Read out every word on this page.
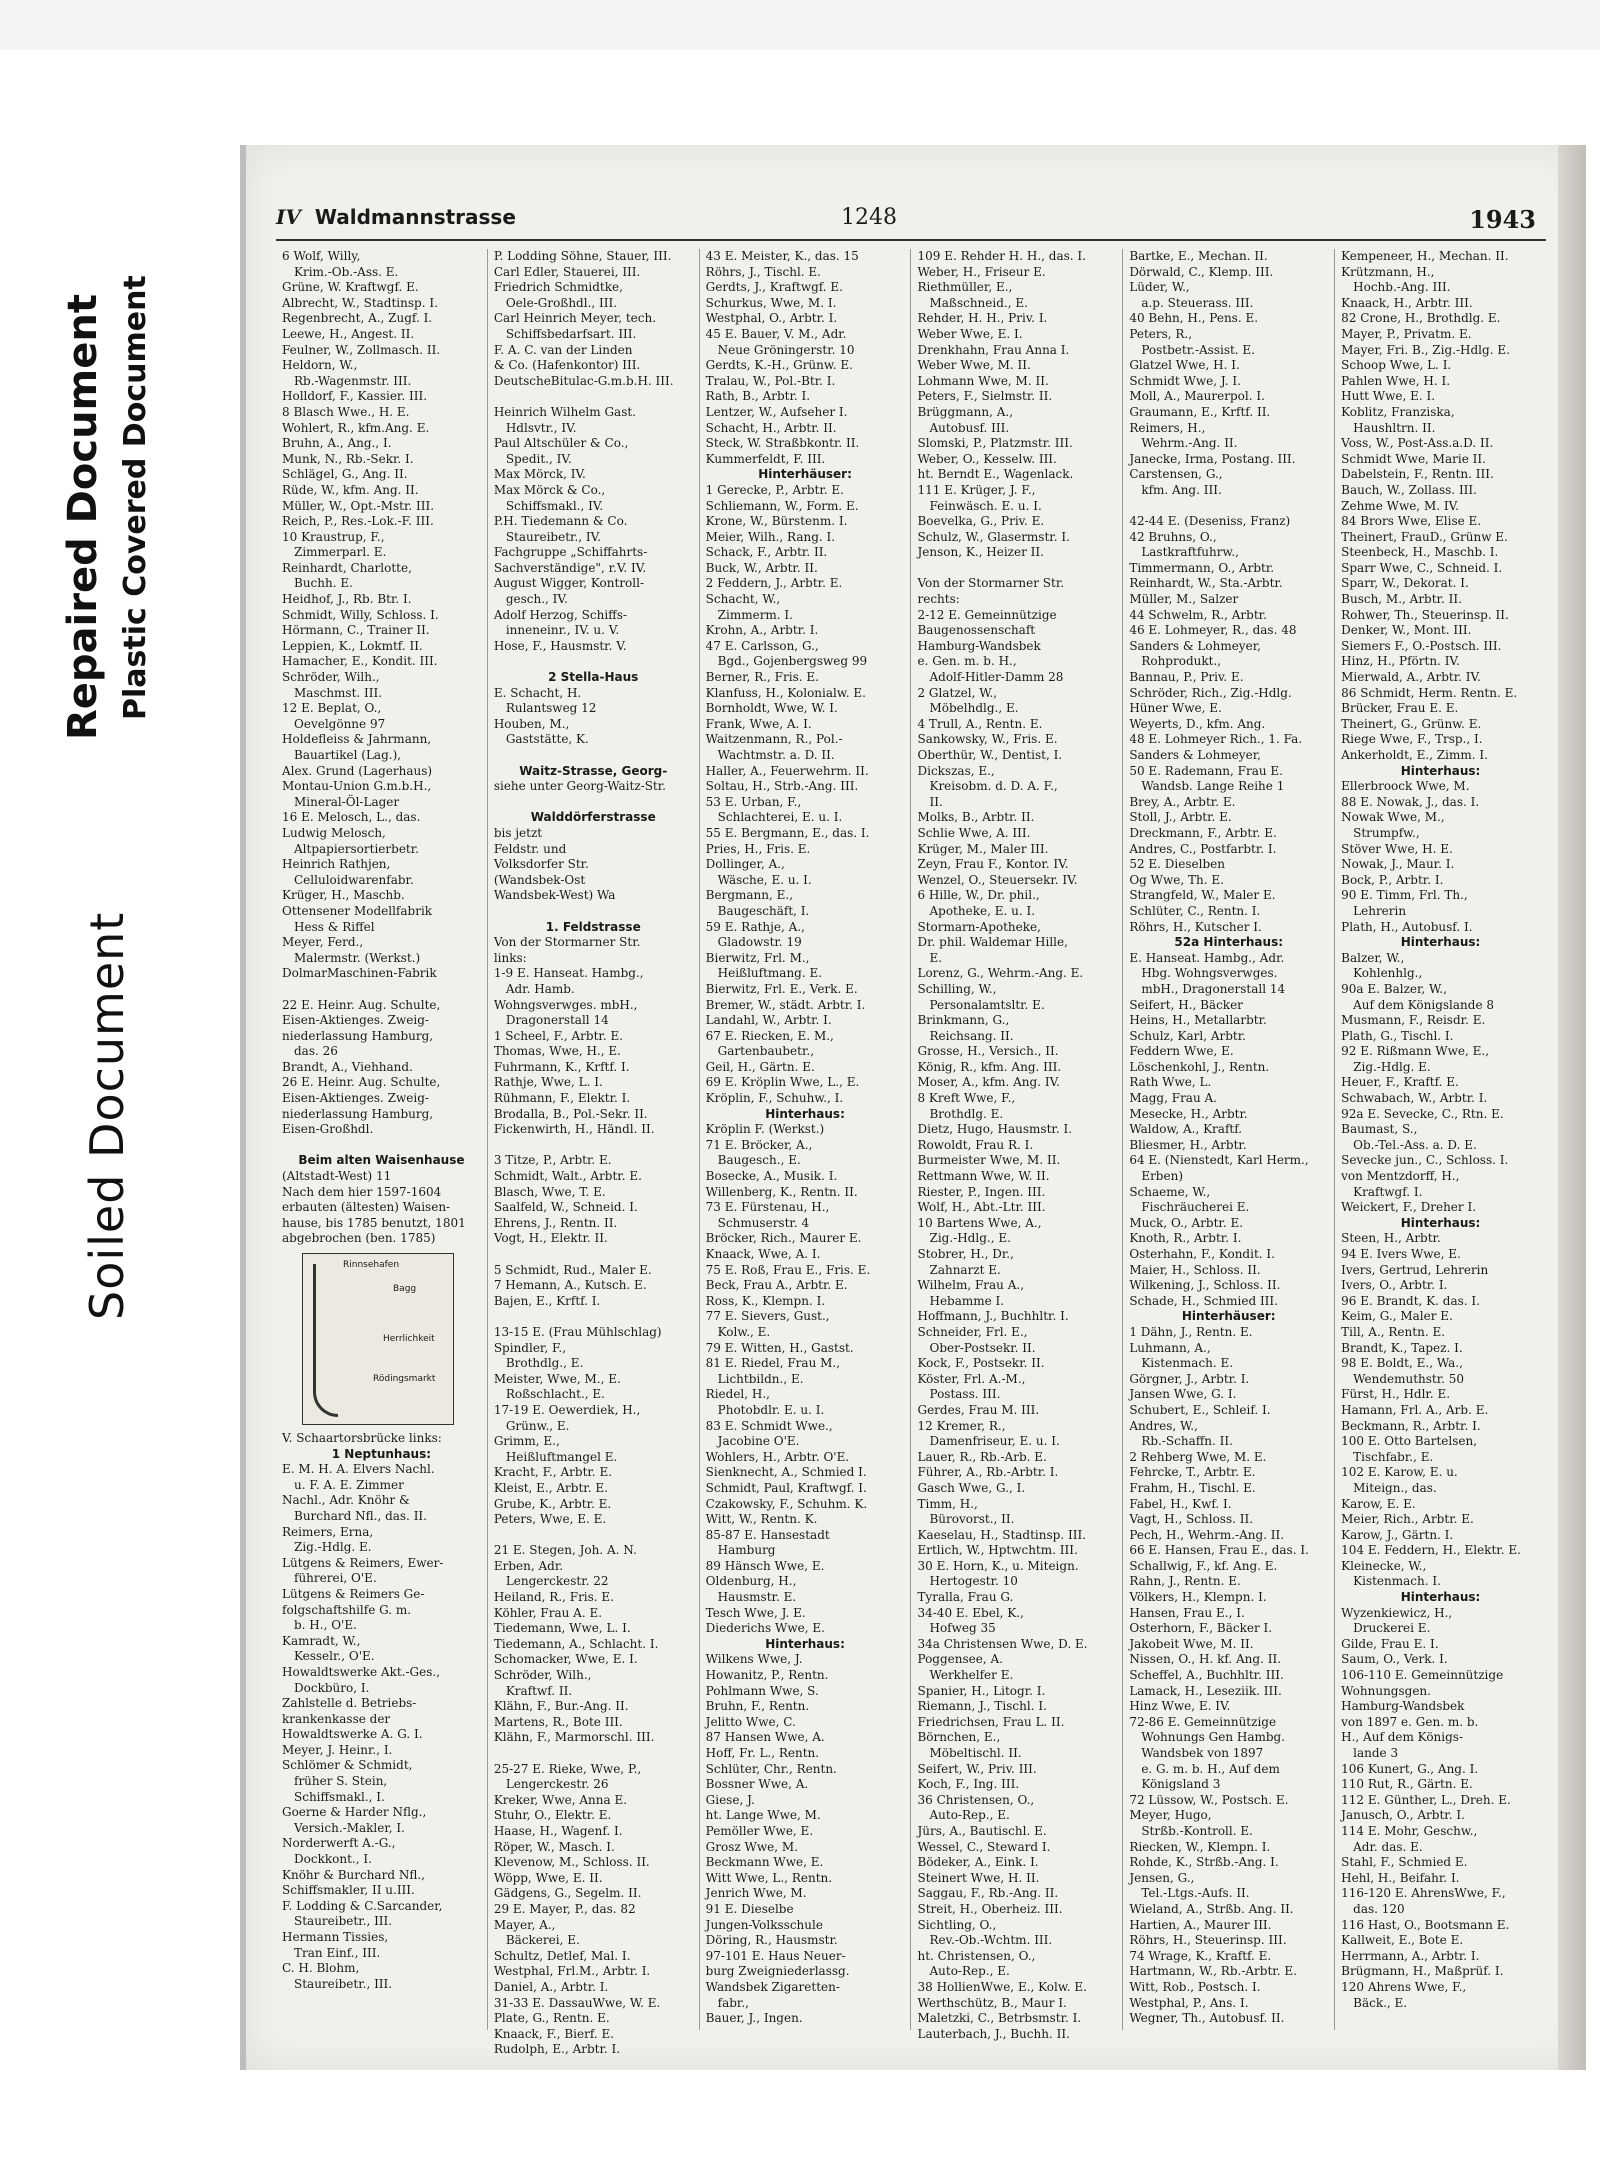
Repaired Document Plastic Covered Document
Soiled Document
IV Waldmannstrasse	1248	1943
6 Wolf, Willy,
Krim.-Ob.-Ass. E.
Grüne, W. Kraftwgf. E.
Albrecht, W., Stadtinsp. I.
Regenbrecht, A., Zugf. I.
Leewe, H., Angest. II.
Feulner, W., Zollmasch. II.
Heldorn, W.,
Rb.-Wagenmstr. III.
Holldorf, F., Kassier. III.
8 Blasch Wwe., H. E.
Wohlert, R., kfm.Ang. E.
Bruhn, A., Ang., I.
Munk, N., Rb.-Sekr. I.
Schlägel, G., Ang. II.
Rüde, W., kfm. Ang. II.
Müller, W., Opt.-Mstr. III.
Reich, P., Res.-Lok.-F. III.
10 Kraustrup, F.,
Zimmerparl. E.
Reinhardt, Charlotte,
Buchh. E.
Heidhof, J., Rb. Btr. I.
Schmidt, Willy, Schloss. I.
Hörmann, C., Trainer II.
Leppien, K., Lokmtf. II.
Hamacher, E., Kondit. III.
Schröder, Wilh.,
Maschmst. III.
12 E. Beplat, O.,
Oevelgönne 97
Holdefleiss & Jahrmann,
Bauartikel (Lag.),
Alex. Grund (Lagerhaus)
Montau-Union G.m.b.H.,
Mineral-Öl-Lager
16 E. Melosch, L., das.
Ludwig Melosch,
Altpapiersortierbetr.
Heinrich Rathjen,
Celluloidwarenfabr.
Krüger, H., Maschb.
Ottensener Modellfabrik
Hess & Riffel
Meyer, Ferd.,
Malermstr. (Werkst.)
DolmarMaschinen-Fabrik

22 E. Heinr. Aug. Schulte,
Eisen-Aktienges. Zweig-
niederlassung Hamburg,
das. 26
Brandt, A., Viehhand.
26 E. Heinr. Aug. Schulte,
Eisen-Aktienges. Zweig-
niederlassung Hamburg,
Eisen-Großhdl.

Beim alten Waisenhause
(Altstadt-West) 11
Nach dem hier 1597-1604
erbauten (ältesten) Waisen-
hause, bis 1785 benutzt, 1801
abgebrochen (ben. 1785)
Rinnsehafen
Bagg
Herrlichkeit
Rödingsmarkt
V. Schaartorsbrücke links:
1 Neptunhaus:
E. M. H. A. Elvers Nachl.
u. F. A. E. Zimmer
Nachl., Adr. Knöhr &
Burchard Nfl., das. II.
Reimers, Erna,
Zig.-Hdlg. E.
Lütgens & Reimers, Ewer-
führerei, O'E.
Lütgens & Reimers Ge-
folgschaftshilfe G. m.
b. H., O'E.
Kamradt, W.,
Kesselr., O'E.
Howaldtswerke Akt.-Ges.,
Dockbüro, I.
Zahlstelle d. Betriebs-
krankenkasse der
Howaldtswerke A. G. I.
Meyer, J. Heinr., I.
Schlömer & Schmidt,
früher S. Stein,
Schiffsmakl., I.
Goerne & Harder Nflg.,
Versich.-Makler, I.
Norderwerft A.-G.,
Dockkont., I.
Knöhr & Burchard Nfl.,
Schiffsmakler, II u.III.
F. Lodding & C.Sarcander,
Staureibetr., III.
Hermann Tissies,
Tran Einf., III.
C. H. Blohm,
Staureibetr., III.
P. Lodding Söhne, Stauer, III.
Carl Edler, Stauerei, III.
Friedrich Schmidtke,
Oele-Großhdl., III.
Carl Heinrich Meyer, tech.
Schiffsbedarfsart. III.
F. A. C. van der Linden
& Co. (Hafenkontor) III.
DeutscheBitulac-G.m.b.H. III.

Heinrich Wilhelm Gast.
Hdlsvtr., IV.
Paul Altschüler & Co.,
Spedit., IV.
Max Mörck, IV.
Max Mörck & Co.,
Schiffsmakl., IV.
P.H. Tiedemann & Co.
Staureibetr., IV.
Fachgruppe „Schiffahrts-
Sachverständige", r.V. IV.
August Wigger, Kontroll-
gesch., IV.
Adolf Herzog, Schiffs-
inneneinr., IV. u. V.
Hose, F., Hausmstr. V.

2 Stella-Haus
E. Schacht, H.
Rulantsweg 12
Houben, M.,
Gaststätte, K.

Waitz-Strasse, Georg-
siehe unter Georg-Waitz-Str.

Walddörferstrasse
bis jetzt
Feldstr. und
Volksdorfer Str.
(Wandsbek-Ost
Wandsbek-West) Wa

1. Feldstrasse
Von der Stormarner Str.
links:
1-9 E. Hanseat. Hambg.,
Adr. Hamb.
Wohngsverwges. mbH.,
Dragonerstall 14
1 Scheel, F., Arbtr. E.
Thomas, Wwe, H., E.
Fuhrmann, K., Krftf. I.
Rathje, Wwe, L. I.
Rühmann, F., Elektr. I.
Brodalla, B., Pol.-Sekr. II.
Fickenwirth, H., Händl. II.

3 Titze, P., Arbtr. E.
Schmidt, Walt., Arbtr. E.
Blasch, Wwe, T. E.
Saalfeld, W., Schneid. I.
Ehrens, J., Rentn. II.
Vogt, H., Elektr. II.

5 Schmidt, Rud., Maler E.
7 Hemann, A., Kutsch. E.
Bajen, E., Krftf. I.

13-15 E. (Frau Mühlschlag)
Spindler, F.,
Brothdlg., E.
Meister, Wwe, M., E.
Roßschlacht., E.
17-19 E. Oewerdiek, H.,
Grünw., E.
Grimm, E.,
Heißluftmangel E.
Kracht, F., Arbtr. E.
Kleist, E., Arbtr. E.
Grube, K., Arbtr. E.
Peters, Wwe, E. E.

21 E. Stegen, Joh. A. N.
Erben, Adr.
Lengerckestr. 22
Heiland, R., Fris. E.
Köhler, Frau A. E.
Tiedemann, Wwe, L. I.
Tiedemann, A., Schlacht. I.
Schomacker, Wwe, E. I.
Schröder, Wilh.,
Kraftwf. II.
Klähn, F., Bur.-Ang. II.
Martens, R., Bote III.
Klähn, F., Marmorschl. III.

25-27 E. Rieke, Wwe, P.,
Lengerckestr. 26
Kreker, Wwe, Anna E.
Stuhr, O., Elektr. E.
Haase, H., Wagenf. I.
Röper, W., Masch. I.
Klevenow, M., Schloss. II.
Wöpp, Wwe, E. II.
Gädgens, G., Segelm. II.
29 E. Mayer, P., das. 82
Mayer, A.,
Bäckerei, E.
Schultz, Detlef, Mal. I.
Westphal, Frl.M., Arbtr. I.
Daniel, A., Arbtr. I.
31-33 E. DassauWwe, W. E.
Plate, G., Rentn. E.
Knaack, F., Bierf. E.
Rudolph, E., Arbtr. I.
43 E. Meister, K., das. 15
Röhrs, J., Tischl. E.
Gerdts, J., Kraftwgf. E.
Schurkus, Wwe, M. I.
Westphal, O., Arbtr. I.
45 E. Bauer, V. M., Adr.
Neue Gröningerstr. 10
Gerdts, K.-H., Grünw. E.
Tralau, W., Pol.-Btr. I.
Rath, B., Arbtr. I.
Lentzer, W., Aufseher I.
Schacht, H., Arbtr. II.
Steck, W. Straßbkontr. II.
Kummerfeldt, F. III.
Hinterhäuser:
1 Gerecke, P., Arbtr. E.
Schliemann, W., Form. E.
Krone, W., Bürstenm. I.
Meier, Wilh., Rang. I.
Schack, F., Arbtr. II.
Buck, W., Arbtr. II.
2 Feddern, J., Arbtr. E.
Schacht, W.,
Zimmerm. I.
Krohn, A., Arbtr. I.
47 E. Carlsson, G.,
Bgd., Gojenbergsweg 99
Berner, R., Fris. E.
Klanfuss, H., Kolonialw. E.
Bornholdt, Wwe, W. I.
Frank, Wwe, A. I.
Waitzenmann, R., Pol.-
Wachtmstr. a. D. II.
Haller, A., Feuerwehrm. II.
Soltau, H., Strb.-Ang. III.
53 E. Urban, F.,
Schlachterei, E. u. I.
55 E. Bergmann, E., das. I.
Pries, H., Fris. E.
Dollinger, A.,
Wäsche, E. u. I.
Bergmann, E.,
Baugeschäft, I.
59 E. Rathje, A.,
Gladowstr. 19
Bierwitz, Frl. M.,
Heißluftmang. E.
Bierwitz, Frl. E., Verk. E.
Bremer, W., städt. Arbtr. I.
Landahl, W., Arbtr. I.
67 E. Riecken, E. M.,
Gartenbaubetr.,
Geil, H., Gärtn. E.
69 E. Kröplin Wwe, L., E.
Kröplin, F., Schuhw., I.
Hinterhaus:
Kröplin F. (Werkst.)
71 E. Bröcker, A.,
Baugesch., E.
Bosecke, A., Musik. I.
Willenberg, K., Rentn. II.
73 E. Fürstenau, H.,
Schmuserstr. 4
Bröcker, Rich., Maurer E.
Knaack, Wwe, A. I.
75 E. Roß, Frau E., Fris. E.
Beck, Frau A., Arbtr. E.
Ross, K., Klempn. I.
77 E. Sievers, Gust.,
Kolw., E.
79 E. Witten, H., Gastst.
81 E. Riedel, Frau M.,
Lichtbildn., E.
Riedel, H.,
Photobdlr. E. u. I.
83 E. Schmidt Wwe.,
Jacobine O'E.
Wohlers, H., Arbtr. O'E.
Sienknecht, A., Schmied I.
Schmidt, Paul, Kraftwgf. I.
Czakowsky, F., Schuhm. K.
Witt, W., Rentn. K.
85-87 E. Hansestadt
Hamburg
89 Hänsch Wwe, E.
Oldenburg, H.,
Hausmstr. E.
Tesch Wwe, J. E.
Diederichs Wwe, E.
Hinterhaus:
Wilkens Wwe, J.
Howanitz, P., Rentn.
Pohlmann Wwe, S.
Bruhn, F., Rentn.
Jelitto Wwe, C.
87 Hansen Wwe, A.
Hoff, Fr. L., Rentn.
Schlüter, Chr., Rentn.
Bossner Wwe, A.
Giese, J.
ht. Lange Wwe, M.
Pemöller Wwe, E.
Grosz Wwe, M.
Beckmann Wwe, E.
Witt Wwe, L., Rentn.
Jenrich Wwe, M.
91 E. Dieselbe
Jungen-Volksschule
Döring, R., Hausmstr.
97-101 E. Haus Neuer-
burg Zweigniederlassg.
Wandsbek Zigaretten-
fabr.,
Bauer, J., Ingen.
109 E. Rehder H. H., das. I.
Weber, H., Friseur E.
Riethmüller, E.,
Maßschneid., E.
Rehder, H. H., Priv. I.
Weber Wwe, E. I.
Drenkhahn, Frau Anna I.
Weber Wwe, M. II.
Lohmann Wwe, M. II.
Peters, F., Sielmstr. II.
Brüggmann, A.,
Autobusf. III.
Slomski, P., Platzmstr. III.
Weber, O., Kesselw. III.
ht. Berndt E., Wagenlack.
111 E. Krüger, J. F.,
Feinwäsch. E. u. I.
Boevelka, G., Priv. E.
Schulz, W., Glasermstr. I.
Jenson, K., Heizer II.

Von der Stormarner Str.
rechts:
2-12 E. Gemeinnützige
Baugenossenschaft
Hamburg-Wandsbek
e. Gen. m. b. H.,
Adolf-Hitler-Damm 28
2 Glatzel, W.,
Möbelhdlg., E.
4 Trull, A., Rentn. E.
Sankowsky, W., Fris. E.
Oberthür, W., Dentist, I.
Dickszas, E.,
Kreisobm. d. D. A. F.,
II.
Molks, B., Arbtr. II.
Schlie Wwe, A. III.
Krüger, M., Maler III.
Zeyn, Frau F., Kontor. IV.
Wenzel, O., Steuersekr. IV.
6 Hille, W., Dr. phil.,
Apotheke, E. u. I.
Stormarn-Apotheke,
Dr. phil. Waldemar Hille,
E.
Lorenz, G., Wehrm.-Ang. E.
Schilling, W.,
Personalamtsltr. E.
Brinkmann, G.,
Reichsang. II.
Grosse, H., Versich., II.
König, R., kfm. Ang. III.
Moser, A., kfm. Ang. IV.
8 Kreft Wwe, F.,
Brothdlg. E.
Dietz, Hugo, Hausmstr. I.
Rowoldt, Frau R. I.
Burmeister Wwe, M. II.
Rettmann Wwe, W. II.
Riester, P., Ingen. III.
Wolf, H., Abt.-Ltr. III.
10 Bartens Wwe, A.,
Zig.-Hdlg., E.
Stobrer, H., Dr.,
Zahnarzt E.
Wilhelm, Frau A.,
Hebamme I.
Hoffmann, J., Buchhltr. I.
Schneider, Frl. E.,
Ober-Postsekr. II.
Kock, F., Postsekr. II.
Köster, Frl. A.-M.,
Postass. III.
Gerdes, Frau M. III.
12 Kremer, R.,
Damenfriseur, E. u. I.
Lauer, R., Rb.-Arb. E.
Führer, A., Rb.-Arbtr. I.
Gasch Wwe, G., I.
Timm, H.,
Bürovorst., II.
Kaeselau, H., Stadtinsp. III.
Ertlich, W., Hptwchtm. III.
30 E. Horn, K., u. Miteign.
Hertogestr. 10
Tyralla, Frau G.
34-40 E. Ebel, K.,
Hofweg 35
34a Christensen Wwe, D. E.
Poggensee, A.
Werkhelfer E.
Spanier, H., Litogr. I.
Riemann, J., Tischl. I.
Friedrichsen, Frau L. II.
Börnchen, E.,
Möbeltischl. II.
Seifert, W., Priv. III.
Koch, F., Ing. III.
36 Christensen, O.,
Auto-Rep., E.
Jürs, A., Bautischl. E.
Wessel, C., Steward I.
Bödeker, A., Eink. I.
Steinert Wwe, H. II.
Saggau, F., Rb.-Ang. II.
Streit, H., Oberheiz. III.
Sichtling, O.,
Rev.-Ob.-Wchtm. III.
ht. Christensen, O.,
Auto-Rep., E.
38 HollienWwe, E., Kolw. E.
Werthschütz, B., Maur I.
Maletzki, C., Betrbsmstr. I.
Lauterbach, J., Buchh. II.
Bartke, E., Mechan. II.
Dörwald, C., Klemp. III.
Lüder, W.,
a.p. Steuerass. III.
40 Behn, H., Pens. E.
Peters, R.,
Postbetr.-Assist. E.
Glatzel Wwe, H. I.
Schmidt Wwe, J. I.
Moll, A., Maurerpol. I.
Graumann, E., Krftf. II.
Reimers, H.,
Wehrm.-Ang. II.
Janecke, Irma, Postang. III.
Carstensen, G.,
kfm. Ang. III.

42-44 E. (Deseniss, Franz)
42 Bruhns, O.,
Lastkraftfuhrw.,
Timmermann, O., Arbtr.
Reinhardt, W., Sta.-Arbtr.
Müller, M., Salzer
44 Schwelm, R., Arbtr.
46 E. Lohmeyer, R., das. 48
Sanders & Lohmeyer,
Rohprodukt.,
Bannau, P., Priv. E.
Schröder, Rich., Zig.-Hdlg.
Hüner Wwe, E.
Weyerts, D., kfm. Ang.
48 E. Lohmeyer Rich., 1. Fa.
Sanders & Lohmeyer,
50 E. Rademann, Frau E.
Wandsb. Lange Reihe 1
Brey, A., Arbtr. E.
Stoll, J., Arbtr. E.
Dreckmann, F., Arbtr. E.
Andres, C., Postfarbtr. I.
52 E. Dieselben
Og Wwe, Th. E.
Strangfeld, W., Maler E.
Schlüter, C., Rentn. I.
Röhrs, H., Kutscher I.
52a Hinterhaus:
E. Hanseat. Hambg., Adr.
Hbg. Wohngsverwges.
mbH., Dragonerstall 14
Seifert, H., Bäcker
Heins, H., Metallarbtr.
Schulz, Karl, Arbtr.
Feddern Wwe, E.
Löschenkohl, J., Rentn.
Rath Wwe, L.
Magg, Frau A.
Mesecke, H., Arbtr.
Waldow, A., Kraftf.
Bliesmer, H., Arbtr.
64 E. (Nienstedt, Karl Herm.,
Erben)
Schaeme, W.,
Fischräucherei E.
Muck, O., Arbtr. E.
Knoth, R., Arbtr. I.
Osterhahn, F., Kondit. I.
Maier, H., Schloss. II.
Wilkening, J., Schloss. II.
Schade, H., Schmied III.
Hinterhäuser:
1 Dähn, J., Rentn. E.
Luhmann, A.,
Kistenmach. E.
Görgner, J., Arbtr. I.
Jansen Wwe, G. I.
Schubert, E., Schleif. I.
Andres, W.,
Rb.-Schaffn. II.
2 Rehberg Wwe, M. E.
Fehrcke, T., Arbtr. E.
Frahm, H., Tischl. E.
Fabel, H., Kwf. I.
Vagt, H., Schloss. II.
Pech, H., Wehrm.-Ang. II.
66 E. Hansen, Frau E., das. I.
Schallwig, F., kf. Ang. E.
Rahn, J., Rentn. E.
Völkers, H., Klempn. I.
Hansen, Frau E., I.
Osterhorn, F., Bäcker I.
Jakobeit Wwe, M. II.
Nissen, O., H. kf. Ang. II.
Scheffel, A., Buchhltr. III.
Lamack, H., Leseziik. III.
Hinz Wwe, E. IV.
72-86 E. Gemeinnützige
Wohnungs Gen Hambg.
Wandsbek von 1897
e. G. m. b. H., Auf dem
Königsland 3
72 Lüssow, W., Postsch. E.
Meyer, Hugo,
Strßb.-Kontroll. E.
Riecken, W., Klempn. I.
Rohde, K., Strßb.-Ang. I.
Jensen, G.,
Tel.-Ltgs.-Aufs. II.
Wieland, A., Strßb. Ang. II.
Hartien, A., Maurer III.
Röhrs, H., Steuerinsp. III.
74 Wrage, K., Kraftf. E.
Hartmann, W., Rb.-Arbtr. E.
Witt, Rob., Postsch. I.
Westphal, P., Ans. I.
Wegner, Th., Autobusf. II.
Kempeneer, H., Mechan. II.
Krützmann, H.,
Hochb.-Ang. III.
Knaack, H., Arbtr. III.
82 Crone, H., Brothdlg. E.
Mayer, P., Privatm. E.
Mayer, Fri. B., Zig.-Hdlg. E.
Schoop Wwe, L. I.
Pahlen Wwe, H. I.
Hutt Wwe, E. I.
Koblitz, Franziska,
Haushltrn. II.
Voss, W., Post-Ass.a.D. II.
Schmidt Wwe, Marie II.
Dabelstein, F., Rentn. III.
Bauch, W., Zollass. III.
Zehme Wwe, M. IV.
84 Brors Wwe, Elise E.
Theinert, FrauD., Grünw E.
Steenbeck, H., Maschb. I.
Sparr Wwe, C., Schneid. I.
Sparr, W., Dekorat. I.
Busch, M., Arbtr. II.
Rohwer, Th., Steuerinsp. II.
Denker, W., Mont. III.
Siemers F., O.-Postsch. III.
Hinz, H., Pförtn. IV.
Mierwald, A., Arbtr. IV.
86 Schmidt, Herm. Rentn. E.
Brücker, Frau E. E.
Theinert, G., Grünw. E.
Riege Wwe, F., Trsp., I.
Ankerholdt, E., Zimm. I.
Hinterhaus:
Ellerbroock Wwe, M.
88 E. Nowak, J., das. I.
Nowak Wwe, M.,
Strumpfw.,
Stöver Wwe, H. E.
Nowak, J., Maur. I.
Bock, P., Arbtr. I.
90 E. Timm, Frl. Th.,
Lehrerin
Plath, H., Autobusf. I.
Hinterhaus:
Balzer, W.,
Kohlenhlg.,
90a E. Balzer, W.,
Auf dem Königslande 8
Musmann, F., Reisdr. E.
Plath, G., Tischl. I.
92 E. Rißmann Wwe, E.,
Zig.-Hdlg. E.
Heuer, F., Kraftf. E.
Schwabach, W., Arbtr. I.
92a E. Sevecke, C., Rtn. E.
Baumast, S.,
Ob.-Tel.-Ass. a. D. E.
Sevecke jun., C., Schloss. I.
von Mentzdorff, H.,
Kraftwgf. I.
Weickert, F., Dreher I.
Hinterhaus:
Steen, H., Arbtr.
94 E. Ivers Wwe, E.
Ivers, Gertrud, Lehrerin
Ivers, O., Arbtr. I.
96 E. Brandt, K. das. I.
Keim, G., Maler E.
Till, A., Rentn. E.
Brandt, K., Tapez. I.
98 E. Boldt, E., Wa.,
Wendemuthstr. 50
Fürst, H., Hdlr. E.
Hamann, Frl. A., Arb. E.
Beckmann, R., Arbtr. I.
100 E. Otto Bartelsen,
Tischfabr., E.
102 E. Karow, E. u.
Miteign., das.
Karow, E. E.
Meier, Rich., Arbtr. E.
Karow, J., Gärtn. I.
104 E. Feddern, H., Elektr. E.
Kleinecke, W.,
Kistenmach. I.
Hinterhaus:
Wyzenkiewicz, H.,
Druckerei E.
Gilde, Frau E. I.
Saum, O., Verk. I.
106-110 E. Gemeinnützige
Wohnungsgen.
Hamburg-Wandsbek
von 1897 e. Gen. m. b.
H., Auf dem Königs-
lande 3
106 Kunert, G., Ang. I.
110 Rut, R., Gärtn. E.
112 E. Günther, L., Dreh. E.
Janusch, O., Arbtr. I.
114 E. Mohr, Geschw.,
Adr. das. E.
Stahl, F., Schmied E.
Hehl, H., Beifahr. I.
116-120 E. AhrensWwe, F.,
das. 120
116 Hast, O., Bootsmann E.
Kallweit, E., Bote E.
Herrmann, A., Arbtr. I.
Brügmann, H., Maßprüf. I.
120 Ahrens Wwe, F.,
Bäck., E.
